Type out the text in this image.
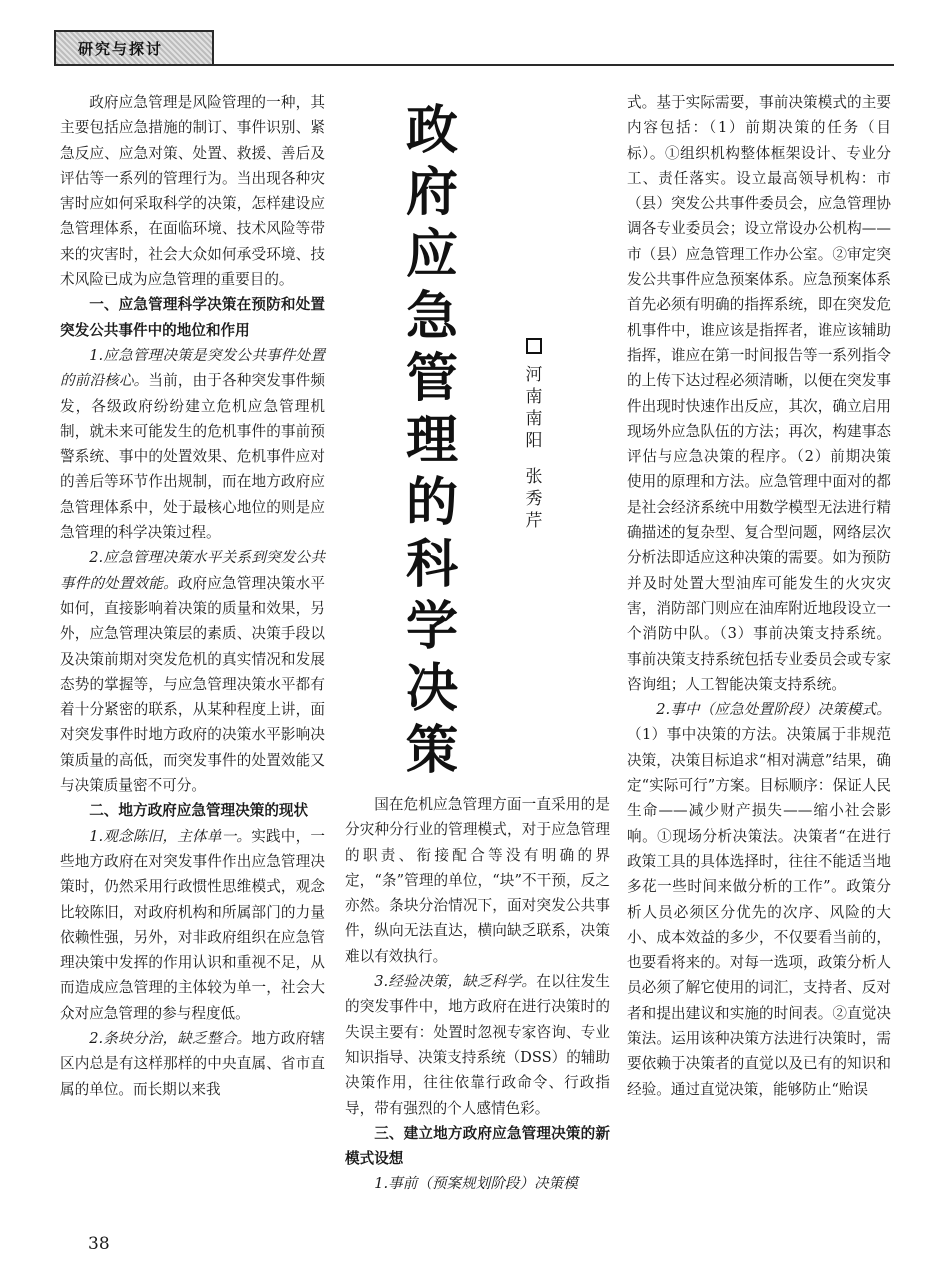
研究与探讨

政府应急管理是风险管理的一种，其主要包括应急措施的制订、事件识别、紧急反应、应急对策、处置、救援、善后及评估等一系列的管理行为。当出现各种灾害时应如何采取科学的决策，怎样建设应急管理体系，在面临环境、技术风险等带来的灾害时，社会大众如何承受环境、技术风险已成为应急管理的重要目的。

一、应急管理科学决策在预防和处置突发公共事件中的地位和作用

1.应急管理决策是突发公共事件处置的前沿核心。当前，由于各种突发事件频发，各级政府纷纷建立危机应急管理机制，就未来可能发生的危机事件的事前预警系统、事中的处置效果、危机事件应对的善后等环节作出规制，而在地方政府应急管理体系中，处于最核心地位的则是应急管理的科学决策过程。

2.应急管理决策水平关系到突发公共事件的处置效能。政府应急管理决策水平如何，直接影响着决策的质量和效果，另外，应急管理决策层的素质、决策手段以及决策前期对突发危机的真实情况和发展态势的掌握等，与应急管理决策水平都有着十分紧密的联系，从某种程度上讲，面对突发事件时地方政府的决策水平影响决策质量的高低，而突发事件的处置效能又与决策质量密不可分。

二、地方政府应急管理决策的现状

1.观念陈旧，主体单一。实践中，一些地方政府在对突发事件作出应急管理决策时，仍然采用行政惯性思维模式，观念比较陈旧，对政府机构和所属部门的力量依赖性强，另外，对非政府组织在应急管理决策中发挥的作用认识和重视不足，从而造成应急管理的主体较为单一，社会大众对应急管理的参与程度低。

2.条块分治，缺乏整合。地方政府辖区内总是有这样那样的中央直属、省市直属的单位。而长期以来我

政
府
应
急
管
理
的
科
学
决
策
河
南
南
阳
张
秀
芹

国在危机应急管理方面一直采用的是分灾种分行业的管理模式，对于应急管理的职责、衔接配合等没有明确的界定，“条”管理的单位，“块”不干预，反之亦然。条块分治情况下，面对突发公共事件，纵向无法直达，横向缺乏联系，决策难以有效执行。

3.经验决策，缺乏科学。在以往发生的突发事件中，地方政府在进行决策时的失误主要有：处置时忽视专家咨询、专业知识指导、决策支持系统（DSS）的辅助决策作用，往往依靠行政命令、行政指导，带有强烈的个人感情色彩。

三、建立地方政府应急管理决策的新模式设想

1.事前（预案规划阶段）决策模

式。基于实际需要，事前决策模式的主要内容包括：（1）前期决策的任务（目标）。①组织机构整体框架设计、专业分工、责任落实。设立最高领导机构：市（县）突发公共事件委员会，应急管理协调各专业委员会；设立常设办公机构——市（县）应急管理工作办公室。②审定突发公共事件应急预案体系。应急预案体系首先必须有明确的指挥系统，即在突发危机事件中，谁应该是指挥者，谁应该辅助指挥，谁应在第一时间报告等一系列指令的上传下达过程必须清晰，以便在突发事件出现时快速作出反应，其次，确立启用现场外应急队伍的方法；再次，构建事态评估与应急决策的程序。（2）前期决策使用的原理和方法。应急管理中面对的都是社会经济系统中用数学模型无法进行精确描述的复杂型、复合型问题，网络层次分析法即适应这种决策的需要。如为预防并及时处置大型油库可能发生的火灾灾害，消防部门则应在油库附近地段设立一个消防中队。（3）事前决策支持系统。事前决策支持系统包括专业委员会或专家咨询组；人工智能决策支持系统。

2.事中（应急处置阶段）决策模式。（1）事中决策的方法。决策属于非规范决策，决策目标追求“相对满意”结果，确定“实际可行”方案。目标顺序：保证人民生命——减少财产损失——缩小社会影响。①现场分析决策法。决策者“在进行政策工具的具体选择时，往往不能适当地多花一些时间来做分析的工作”。政策分析人员必须区分优先的次序、风险的大小、成本效益的多少，不仅要看当前的，也要看将来的。对每一选项，政策分析人员必须了解它使用的词汇，支持者、反对者和提出建议和实施的时间表。②直觉决策法。运用该种决策方法进行决策时，需要依赖于决策者的直觉以及已有的知识和经验。通过直觉决策，能够防止“贻误

38
